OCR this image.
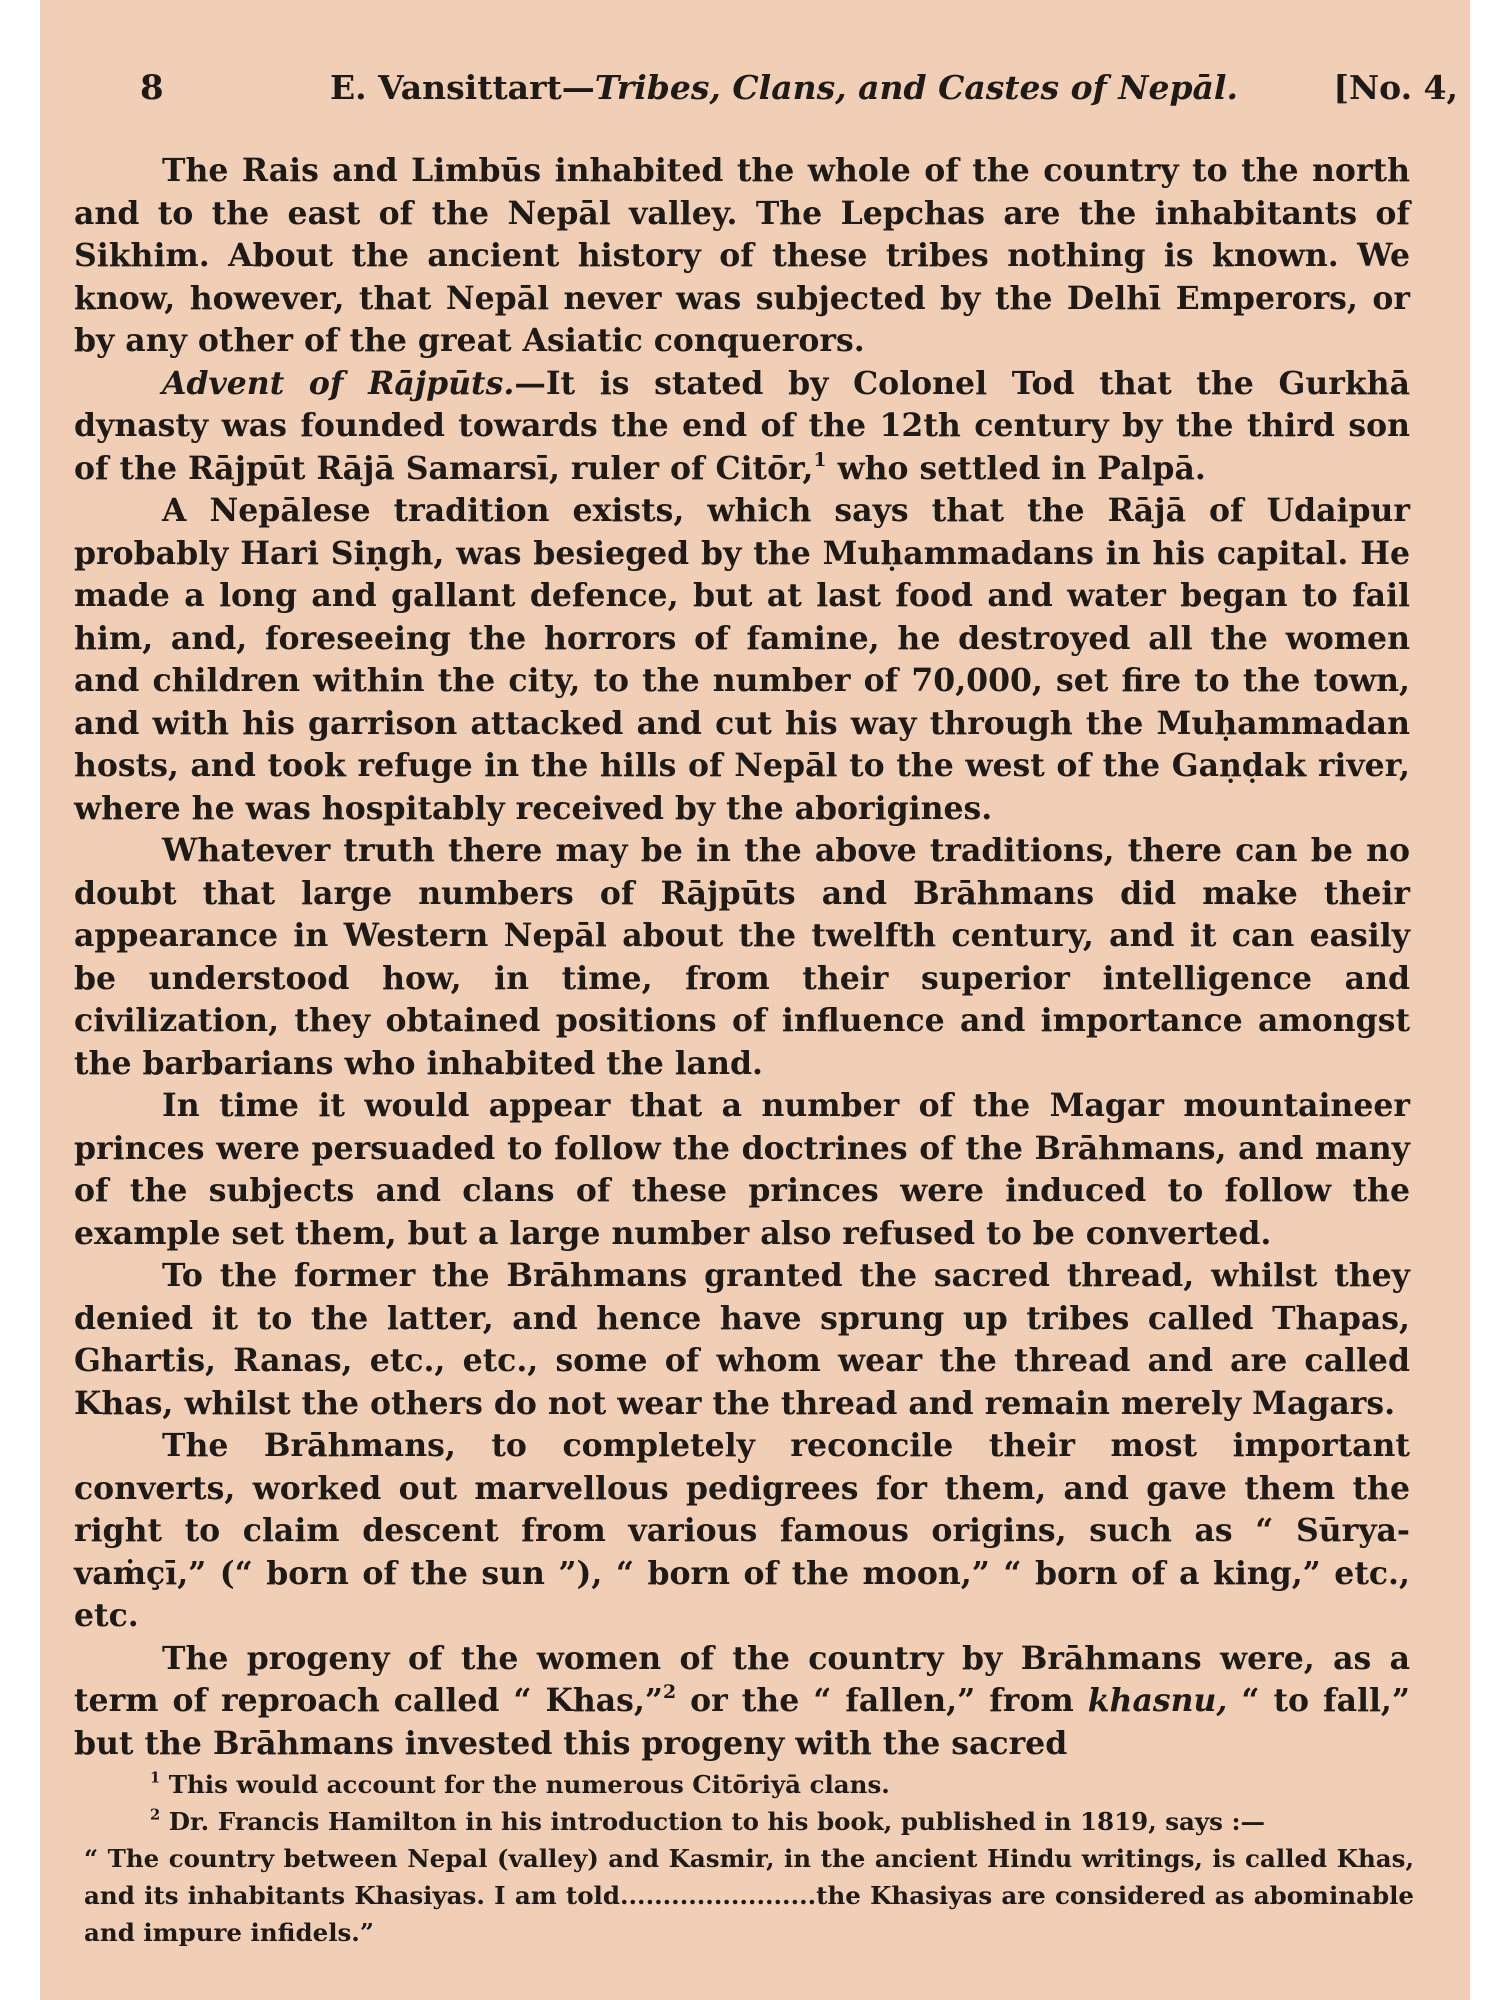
8	E. Vansittart—Tribes, Clans, and Castes of Nepāl.	[No. 4,

The Rais and Limbūs inhabited the whole of the country to the north and to the east of the Nepāl valley. The Lepchas are the inhabitants of Sikhim. About the ancient history of these tribes nothing is known. We know, however, that Nepāl never was subjected by the Delhī Emperors, or by any other of the great Asiatic conquerors.

Advent of Rājpūts.—It is stated by Colonel Tod that the Gurkhā dynasty was founded towards the end of the 12th century by the third son of the Rājpūt Rājā Samarsī, ruler of Citōr,$^1$ who settled in Palpā.

A Nepālese tradition exists, which says that the Rājā of Udaipur probably Hari Siṇgh, was besieged by the Muḥammadans in his capital. He made a long and gallant defence, but at last food and water began to fail him, and, foreseeing the horrors of famine, he destroyed all the women and children within the city, to the number of 70,000, set fire to the town, and with his garrison attacked and cut his way through the Muḥammadan hosts, and took refuge in the hills of Nepāl to the west of the Gaṇḍak river, where he was hospitably received by the aborigines.

Whatever truth there may be in the above traditions, there can be no doubt that large numbers of Rājpūts and Brāhmans did make their appearance in Western Nepāl about the twelfth century, and it can easily be understood how, in time, from their superior intelligence and civilization, they obtained positions of influence and importance amongst the barbarians who inhabited the land.

In time it would appear that a number of the Magar mountaineer princes were persuaded to follow the doctrines of the Brāhmans, and many of the subjects and clans of these princes were induced to follow the example set them, but a large number also refused to be converted.

To the former the Brāhmans granted the sacred thread, whilst they denied it to the latter, and hence have sprung up tribes called Thapas, Ghartis, Ranas, etc., etc., some of whom wear the thread and are called Khas, whilst the others do not wear the thread and remain merely Magars.

The Brāhmans, to completely reconcile their most important converts, worked out marvellous pedigrees for them, and gave them the right to claim descent from various famous origins, such as “ Sūrya-vaṁçī,” (“ born of the sun ”), “ born of the moon,” “ born of a king,” etc., etc.

The progeny of the women of the country by Brāhmans were, as a term of reproach called “ Khas,”$^2$ or the “ fallen,” from khasnu, “ to fall,” but the Brāhmans invested this progeny with the sacred

$^1$ This would account for the numerous Citōriyā clans.

$^2$ Dr. Francis Hamilton in his introduction to his book, published in 1819, says :—

“ The country between Nepal (valley) and Kasmir, in the ancient Hindu writings, is called Khas, and its inhabitants Khasiyas. I am told.......................the Khasiyas are considered as abominable and impure infidels.”
